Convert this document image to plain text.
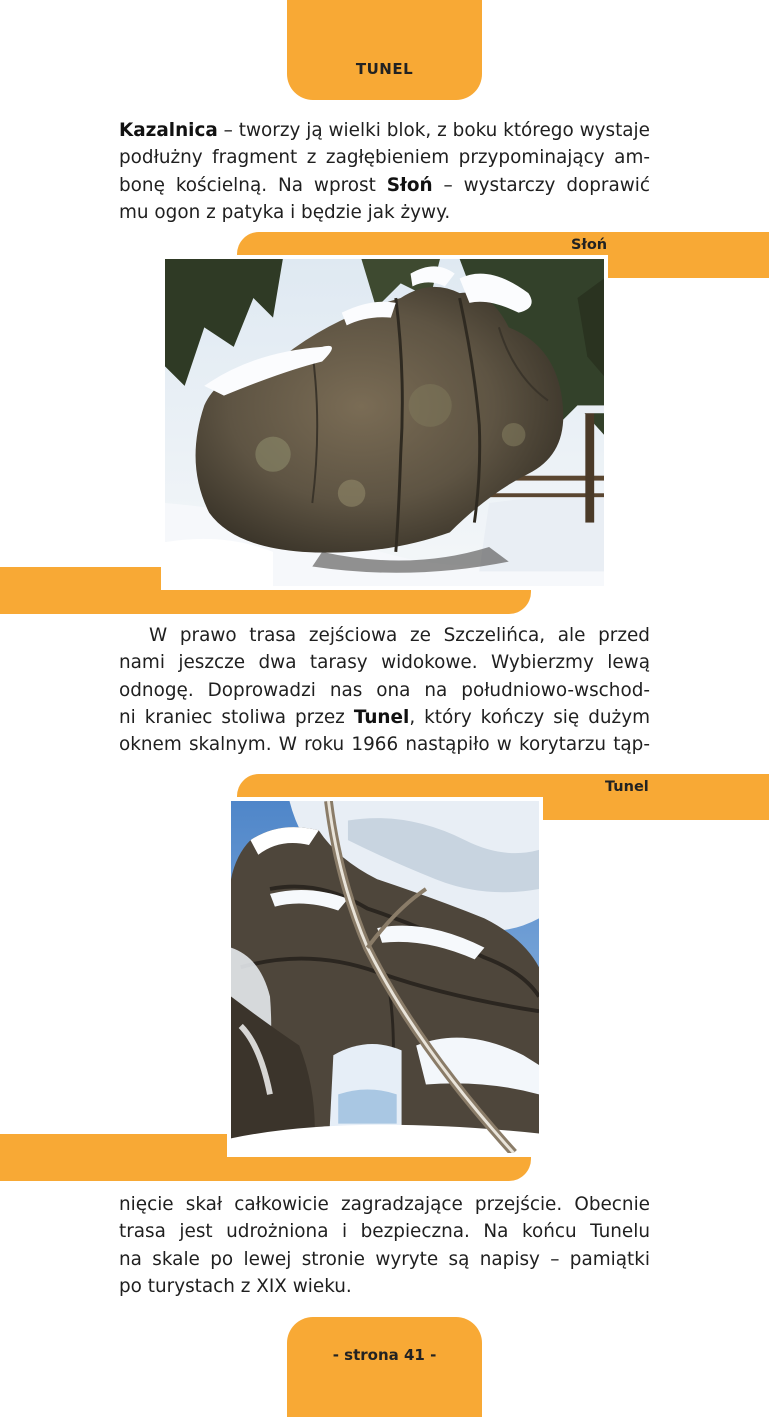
TUNEL

Kazalnica – tworzy ją wielki blok, z boku którego wystaje
podłużny fragment z zagłębieniem przypominający am-
bonę kościelną. Na wprost Słoń – wystarczy doprawić
mu ogon z patyka i będzie jak żywy.

Słoń

W prawo trasa zejściowa ze Szczelińca, ale przed
nami jeszcze dwa tarasy widokowe. Wybierzmy lewą
odnogę. Doprowadzi nas ona na południowo-wschod-
ni kraniec stoliwa przez Tunel, który kończy się dużym
oknem skalnym. W roku 1966 nastąpiło w korytarzu tąp-

Tunel

nięcie skał całkowicie zagradzające przejście. Obecnie
trasa jest udrożniona i bezpieczna. Na końcu Tunelu
na skale po lewej stronie wyryte są napisy – pamiątki
po turystach z XIX wieku.

- strona 41 -
